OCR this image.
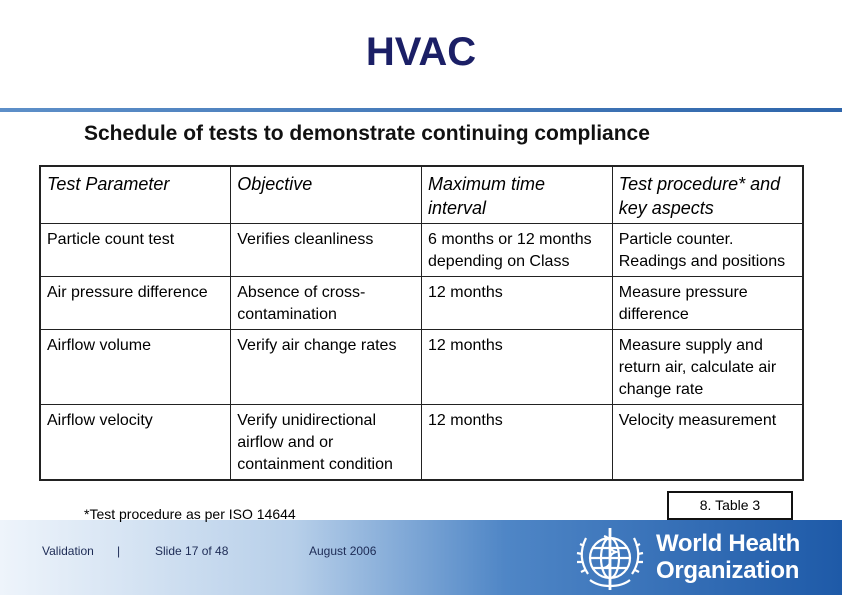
HVAC
Schedule of tests to demonstrate continuing compliance
Test Parameter	Objective	Maximum time interval	Test procedure* and key aspects
Particle count test	Verifies cleanliness	6 months or 12 months depending on Class	Particle counter. Readings and positions
Air pressure difference	Absence of cross-contamination	12 months	Measure pressure difference
Airflow volume	Verify air change rates	12 months	Measure supply and return air, calculate air change rate
Airflow velocity	Verify unidirectional airflow and or containment condition	12 months	Velocity measurement
*Test procedure as per ISO 14644
8. Table 3
Validation |	Slide 17 of 48	August 2006	World Health
Organization
